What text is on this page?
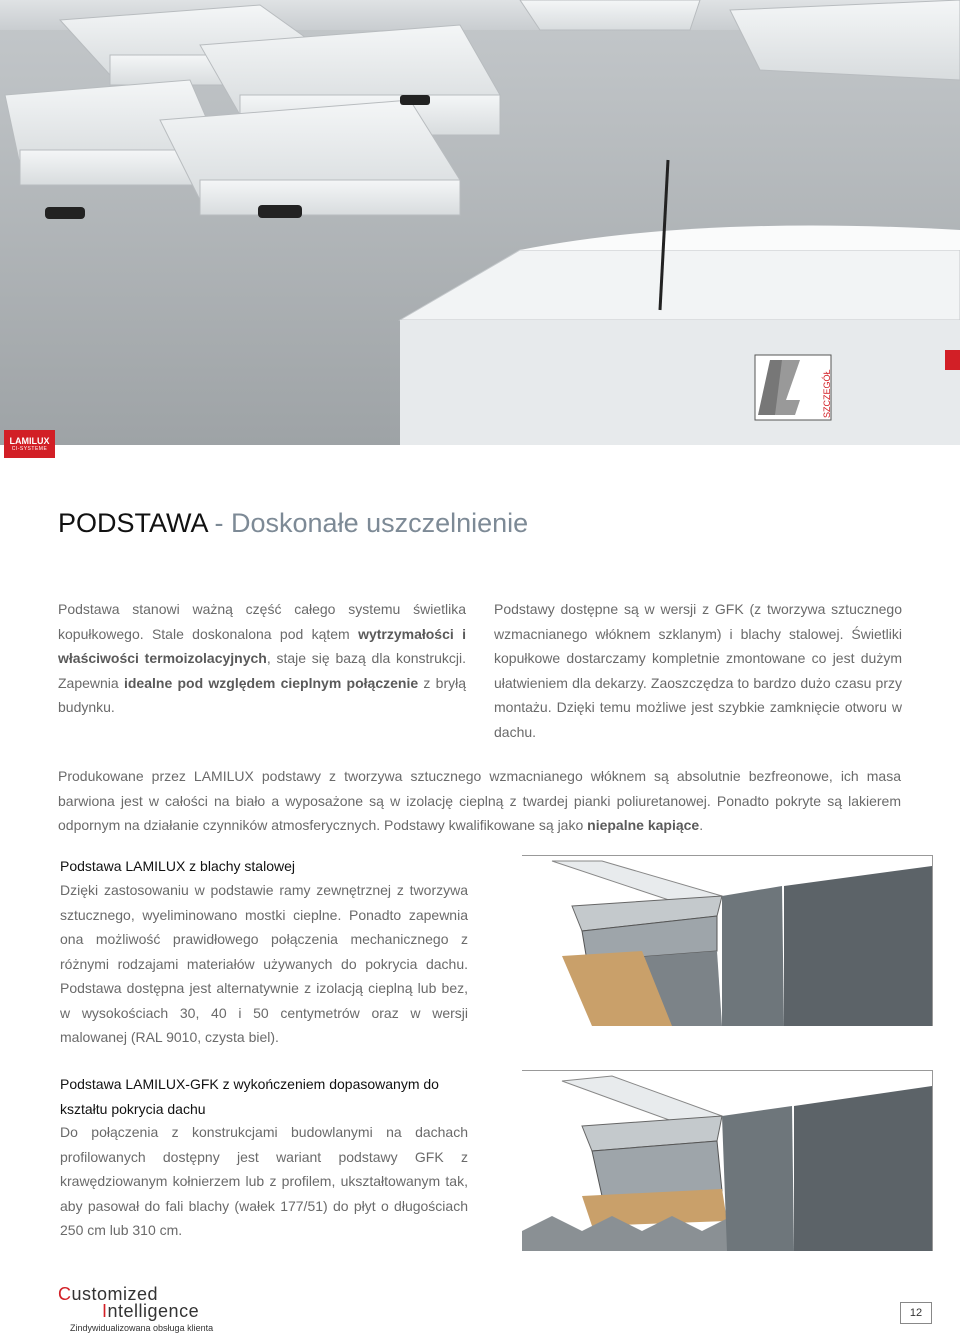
SZCZEGÓŁ
LAMILUX
CI-SYSTEME
PODSTAWA - Doskonałe uszczelnienie
Podstawa stanowi ważną część całego systemu świetlika kopułkowego. Stale doskonalona pod kątem wytrzymałości i właściwości termoizolacyjnych, staje się bazą dla konstrukcji. Zapewnia idealne pod względem cieplnym połączenie z bryłą budynku.
Podstawy dostępne są w wersji z GFK (z tworzywa sztucznego wzmacnianego włóknem szklanym) i blachy stalowej. Świetliki kopułkowe dostarczamy kompletnie zmontowane co jest dużym ułatwieniem dla dekarzy. Zaoszczędza to bardzo dużo czasu przy montażu. Dzięki temu możliwe jest szybkie zamknięcie otworu w dachu.
Produkowane przez LAMILUX podstawy z tworzywa sztucznego wzmacnianego włóknem są absolutnie bezfreonowe, ich masa barwiona jest w całości na biało a wyposażone są w izolację cieplną z twardej pianki poliuretanowej. Ponadto pokryte są lakierem odpornym na działanie czynników atmosferycznych. Podstawy kwalifikowane są jako niepalne kapiące.
Podstawa LAMILUX z blachy stalowej
Dzięki zastosowaniu w podstawie ramy zewnętrznej z tworzywa sztucznego, wyeliminowano mostki cieplne. Ponadto zapewnia ona możliwość prawidłowego połączenia mechanicznego z różnymi rodzajami materiałów używanych do pokrycia dachu. Podstawa dostępna jest alternatywnie z izolacją cieplną lub bez, w wysokościach 30, 40 i 50 centymetrów oraz w wersji malowanej (RAL 9010, czysta biel).
Podstawa LAMILUX-GFK z wykończeniem dopasowanym do kształtu pokrycia dachu
Do połączenia z konstrukcjami budowlanymi na dachach profilowanych dostępny jest wariant podstawy GFK z krawędziowanym kołnierzem lub z profilem, ukształtowanym tak, aby pasował do fali blachy (wałek 177/51) do płyt o długościach 250 cm lub 310 cm.
Customized
Intelligence
Zindywidualizowana obsługa klienta
12
